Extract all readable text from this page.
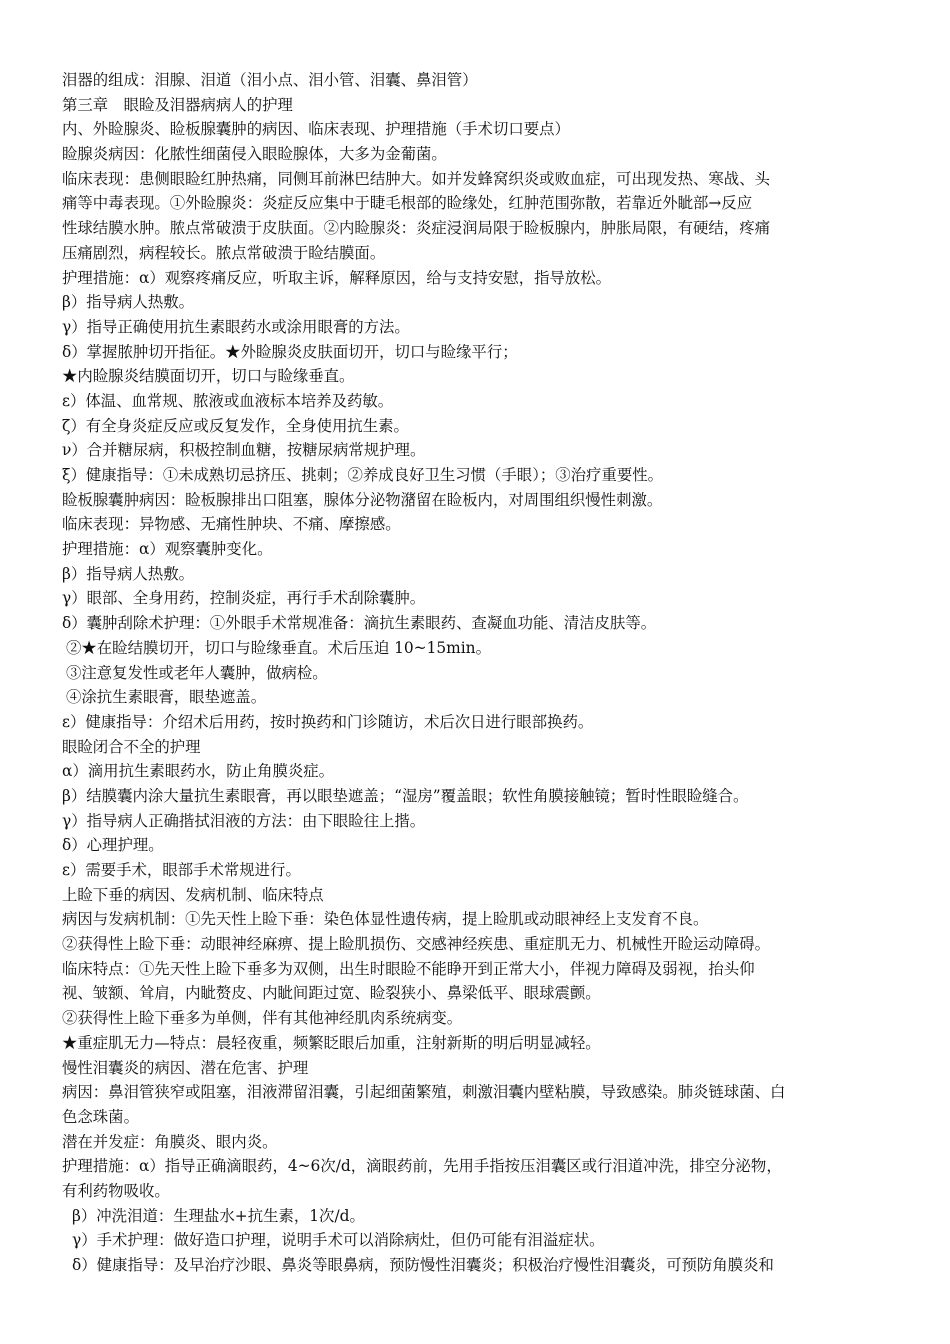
泪器的组成：泪腺、泪道（泪小点、泪小管、泪囊、鼻泪管）
第三章　眼睑及泪器病病人的护理
内、外睑腺炎、睑板腺囊肿的病因、临床表现、护理措施（手术切口要点）
睑腺炎病因：化脓性细菌侵入眼睑腺体，大多为金葡菌。
临床表现：患侧眼睑红肿热痛，同侧耳前淋巴结肿大。如并发蜂窝织炎或败血症，可出现发热、寒战、头
痛等中毒表现。①外睑腺炎：炎症反应集中于睫毛根部的睑缘处，红肿范围弥散，若靠近外眦部→反应
性球结膜水肿。脓点常破溃于皮肤面。②内睑腺炎：炎症浸润局限于睑板腺内，肿胀局限，有硬结，疼痛
压痛剧烈，病程较长。脓点常破溃于睑结膜面。
护理措施：α）观察疼痛反应，听取主诉，解释原因，给与支持安慰，指导放松。
β）指导病人热敷。
γ）指导正确使用抗生素眼药水或涂用眼膏的方法。
δ）掌握脓肿切开指征。★外睑腺炎皮肤面切开，切口与睑缘平行；
★内睑腺炎结膜面切开，切口与睑缘垂直。
ε）体温、血常规、脓液或血液标本培养及药敏。
ζ）有全身炎症反应或反复发作，全身使用抗生素。
ν）合并糖尿病，积极控制血糖，按糖尿病常规护理。
ξ）健康指导：①未成熟切忌挤压、挑刺；②养成良好卫生习惯（手眼）；③治疗重要性。
睑板腺囊肿病因：睑板腺排出口阻塞，腺体分泌物潴留在睑板内，对周围组织慢性刺激。
临床表现：异物感、无痛性肿块、不痛、摩擦感。
护理措施：α）观察囊肿变化。
β）指导病人热敷。
γ）眼部、全身用药，控制炎症，再行手术刮除囊肿。
δ）囊肿刮除术护理：①外眼手术常规准备：滴抗生素眼药、查凝血功能、清洁皮肤等。
②★在睑结膜切开，切口与睑缘垂直。术后压迫 10~15min。
③注意复发性或老年人囊肿，做病检。
④涂抗生素眼膏，眼垫遮盖。
ε）健康指导：介绍术后用药，按时换药和门诊随访，术后次日进行眼部换药。
眼睑闭合不全的护理
α）滴用抗生素眼药水，防止角膜炎症。
β）结膜囊内涂大量抗生素眼膏，再以眼垫遮盖；“湿房”覆盖眼；软性角膜接触镜；暂时性眼睑缝合。
γ）指导病人正确揩拭泪液的方法：由下眼睑往上揩。
δ）心理护理。
ε）需要手术，眼部手术常规进行。
上睑下垂的病因、发病机制、临床特点
病因与发病机制：①先天性上睑下垂：染色体显性遗传病，提上睑肌或动眼神经上支发育不良。
②获得性上睑下垂：动眼神经麻痹、提上睑肌损伤、交感神经疾患、重症肌无力、机械性开睑运动障碍。
临床特点：①先天性上睑下垂多为双侧，出生时眼睑不能睁开到正常大小，伴视力障碍及弱视，抬头仰
视、皱额、耸肩，内眦赘皮、内眦间距过宽、睑裂狭小、鼻梁低平、眼球震颤。
②获得性上睑下垂多为单侧，伴有其他神经肌肉系统病变。
★重症肌无力—特点：晨轻夜重，频繁眨眼后加重，注射新斯的明后明显减轻。
慢性泪囊炎的病因、潜在危害、护理
病因：鼻泪管狭窄或阻塞，泪液滞留泪囊，引起细菌繁殖，刺激泪囊内壁粘膜，导致感染。肺炎链球菌、白
色念珠菌。
潜在并发症：角膜炎、眼内炎。
护理措施：α）指导正确滴眼药，4~6次/d，滴眼药前，先用手指按压泪囊区或行泪道冲洗，排空分泌物，
有利药物吸收。
β）冲洗泪道：生理盐水+抗生素，1次/d。
γ）手术护理：做好造口护理，说明手术可以消除病灶，但仍可能有泪溢症状。
δ）健康指导：及早治疗沙眼、鼻炎等眼鼻病，预防慢性泪囊炎；积极治疗慢性泪囊炎，可预防角膜炎和
